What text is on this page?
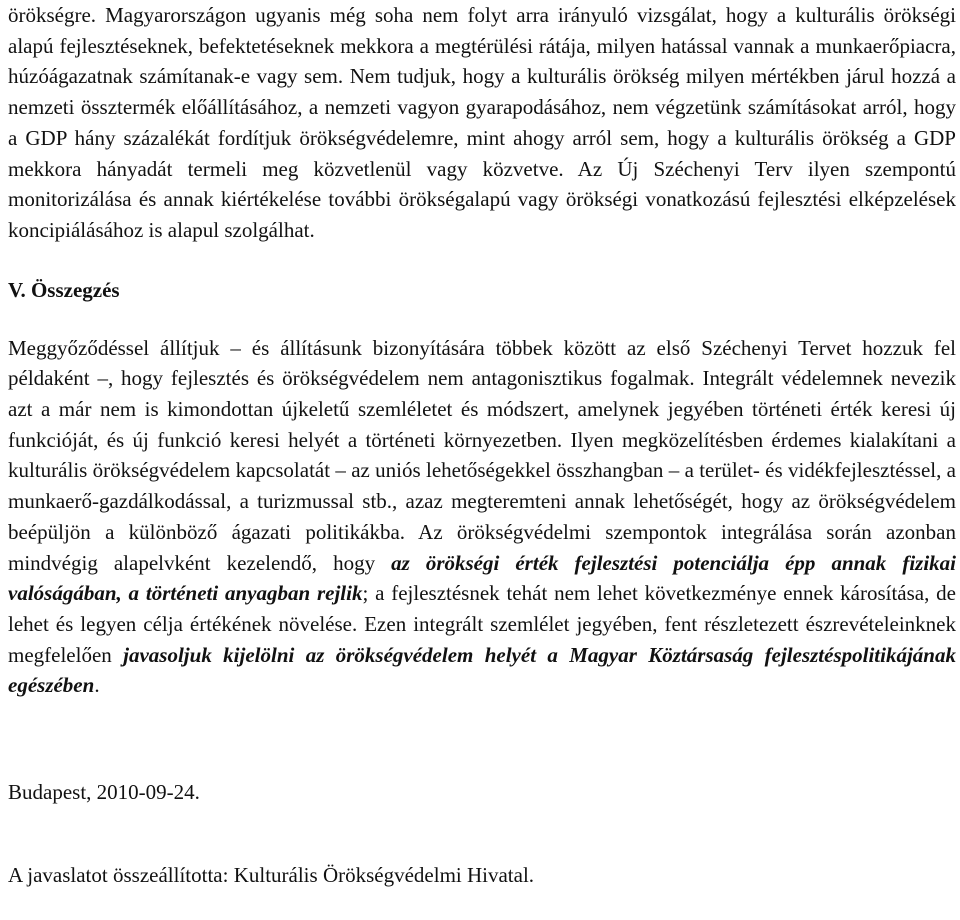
örökségre. Magyarországon ugyanis még soha nem folyt arra irányuló vizsgálat, hogy a kulturális örökségi alapú fejlesztéseknek, befektetéseknek mekkora a megtérülési rátája, milyen hatással vannak a munkaerőpiacra, húzóágazatnak számítanak-e vagy sem. Nem tudjuk, hogy a kulturális örökség milyen mértékben járul hozzá a nemzeti össztermék előállításához, a nemzeti vagyon gyarapodásához, nem végzetünk számításokat arról, hogy a GDP hány százalékát fordítjuk örökségvédelemre, mint ahogy arról sem, hogy a kulturális örökség a GDP mekkora hányadát termeli meg közvetlenül vagy közvetve. Az Új Széchenyi Terv ilyen szempontú monitorizálása és annak kiértékelése további örökségalapú vagy örökségi vonatkozású fejlesztési elképzelések koncipiálásához is alapul szolgálhat.

V. Összegzés

Meggyőződéssel állítjuk – és állításunk bizonyítására többek között az első Széchenyi Tervet hozzuk fel példaként –, hogy fejlesztés és örökségvédelem nem antagonisztikus fogalmak. Integrált védelemnek nevezik azt a már nem is kimondottan újkeletű szemléletet és módszert, amelynek jegyében történeti érték keresi új funkcióját, és új funkció keresi helyét a történeti környezetben. Ilyen megközelítésben érdemes kialakítani a kulturális örökségvédelem kapcsolatát – az uniós lehetőségekkel összhangban – a terület- és vidékfejlesztéssel, a munkaerő-gazdálkodással, a turizmussal stb., azaz megteremteni annak lehetőségét, hogy az örökségvédelem beépüljön a különböző ágazati politikákba. Az örökségvédelmi szempontok integrálása során azonban mindvégig alapelvként kezelendő, hogy az örökségi érték fejlesztési potenciálja épp annak fizikai valóságában, a történeti anyagban rejlik; a fejlesztésnek tehát nem lehet következménye ennek károsítása, de lehet és legyen célja értékének növelése. Ezen integrált szemlélet jegyében, fent részletezett észrevételeinknek megfelelően javasoljuk kijelölni az örökségvédelem helyét a Magyar Köztársaság fejlesztéspolitikájának egészében.

Budapest, 2010-09-24.

A javaslatot összeállította: Kulturális Örökségvédelmi Hivatal.
